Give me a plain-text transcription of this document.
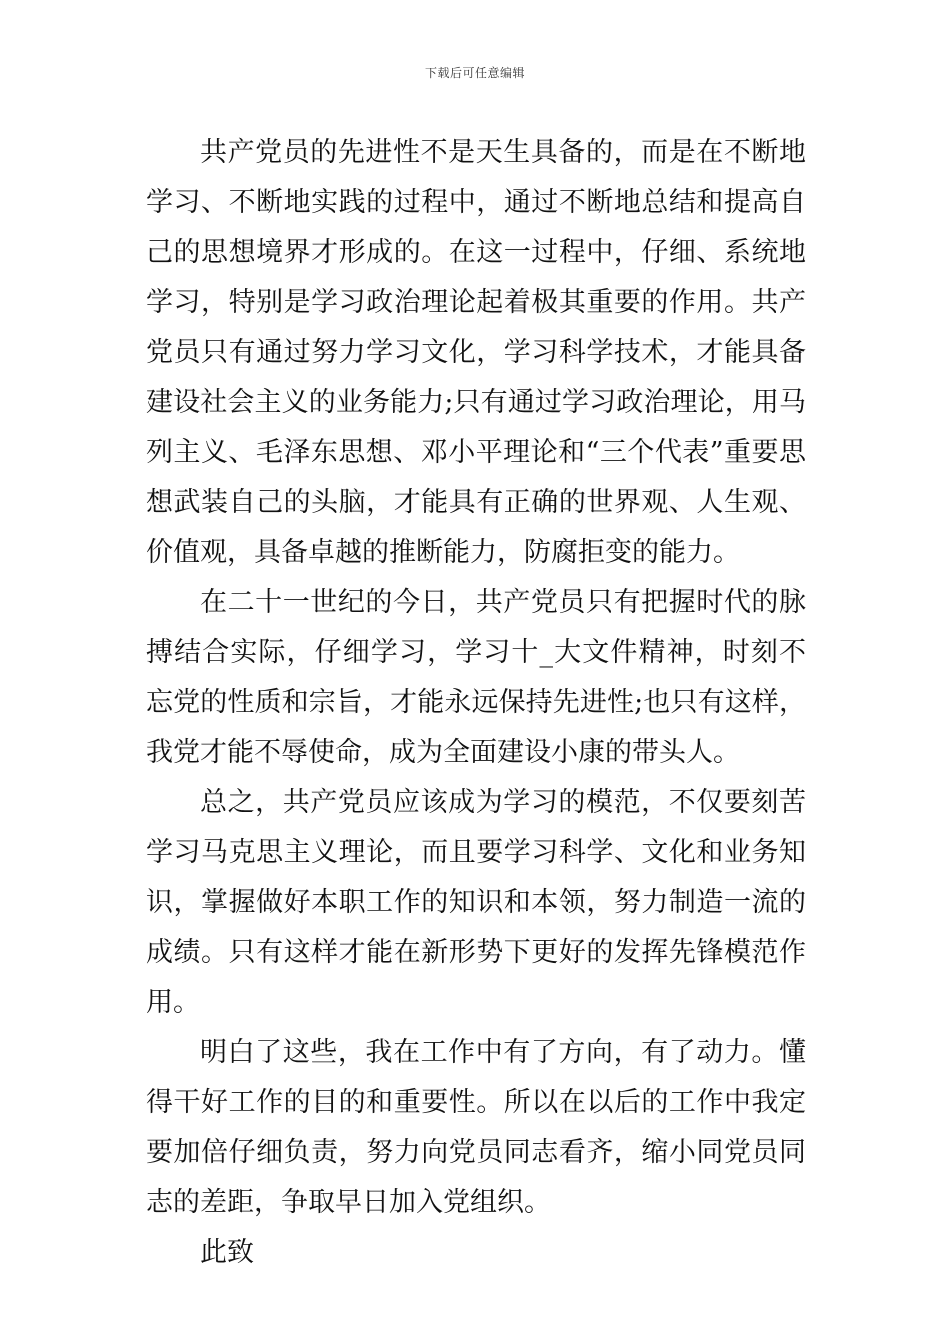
下载后可任意编辑

共产党员的先进性不是天生具备的，而是在不断地学习、不断地实践的过程中，通过不断地总结和提高自己的思想境界才形成的。在这一过程中，仔细、系统地学习，特别是学习政治理论起着极其重要的作用。共产党员只有通过努力学习文化，学习科学技术，才能具备建设社会主义的业务能力;只有通过学习政治理论，用马列主义、毛泽东思想、邓小平理论和“三个代表”重要思想武装自己的头脑，才能具有正确的世界观、人生观、价值观，具备卓越的推断能力，防腐拒变的能力。

在二十一世纪的今日，共产党员只有把握时代的脉搏结合实际，仔细学习，学习十_大文件精神，时刻不忘党的性质和宗旨，才能永远保持先进性;也只有这样，我党才能不辱使命，成为全面建设小康的带头人。

总之，共产党员应该成为学习的模范，不仅要刻苦学习马克思主义理论，而且要学习科学、文化和业务知识，掌握做好本职工作的知识和本领，努力制造一流的成绩。只有这样才能在新形势下更好的发挥先锋模范作用。

明白了这些，我在工作中有了方向，有了动力。懂得干好工作的目的和重要性。所以在以后的工作中我定要加倍仔细负责，努力向党员同志看齐，缩小同党员同志的差距，争取早日加入党组织。

此致
